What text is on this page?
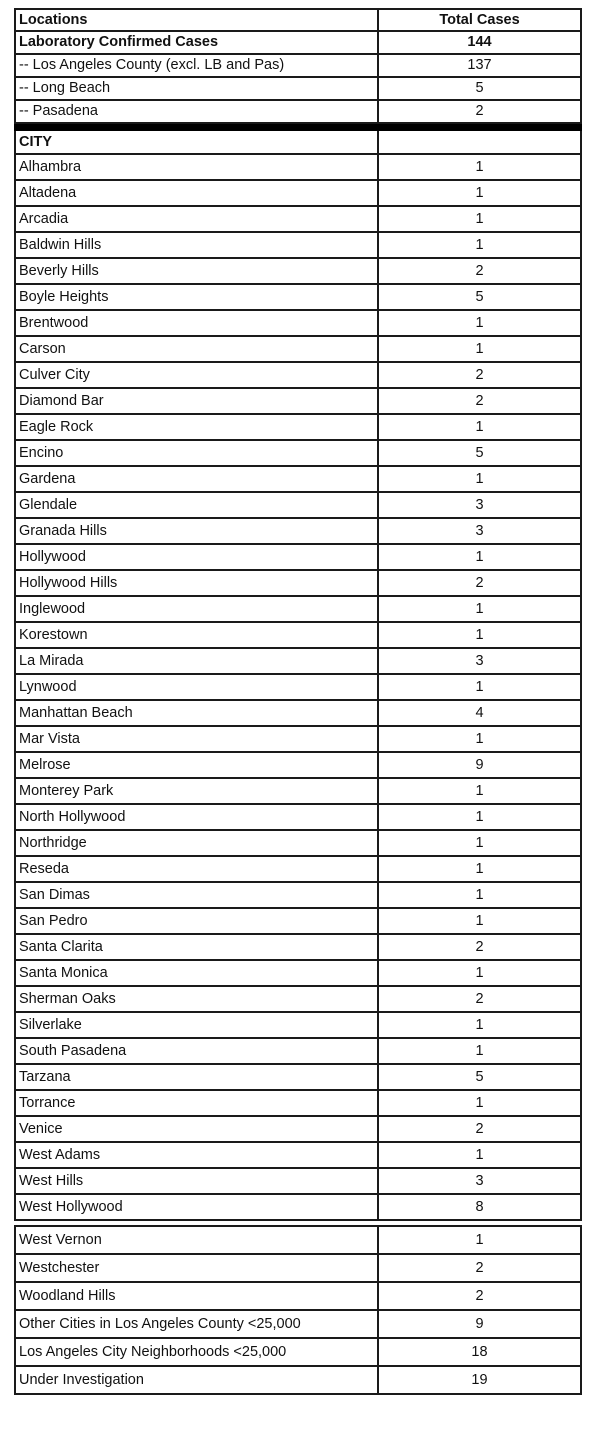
Locations	Total Cases
Laboratory Confirmed Cases	144
-- Los Angeles County (excl. LB and Pas)	137
-- Long Beach	5
-- Pasadena	2

CITY	
Alhambra	1
Altadena	1
Arcadia	1
Baldwin Hills	1
Beverly Hills	2
Boyle Heights	5
Brentwood	1
Carson	1
Culver City	2
Diamond Bar	2
Eagle Rock	1
Encino	5
Gardena	1
Glendale	3
Granada Hills	3
Hollywood	1
Hollywood Hills	2
Inglewood	1
Korestown	1
La Mirada	3
Lynwood	1
Manhattan Beach	4
Mar Vista	1
Melrose	9
Monterey Park	1
North Hollywood	1
Northridge	1
Reseda	1
San Dimas	1
San Pedro	1
Santa Clarita	2
Santa Monica	1
Sherman Oaks	2
Silverlake	1
South Pasadena	1
Tarzana	5
Torrance	1
Venice	2
West Adams	1
West Hills	3
West Hollywood	8
West Vernon	1
Westchester	2
Woodland Hills	2
Other Cities in Los Angeles County <25,000	9
Los Angeles City Neighborhoods <25,000	18
Under Investigation	19
